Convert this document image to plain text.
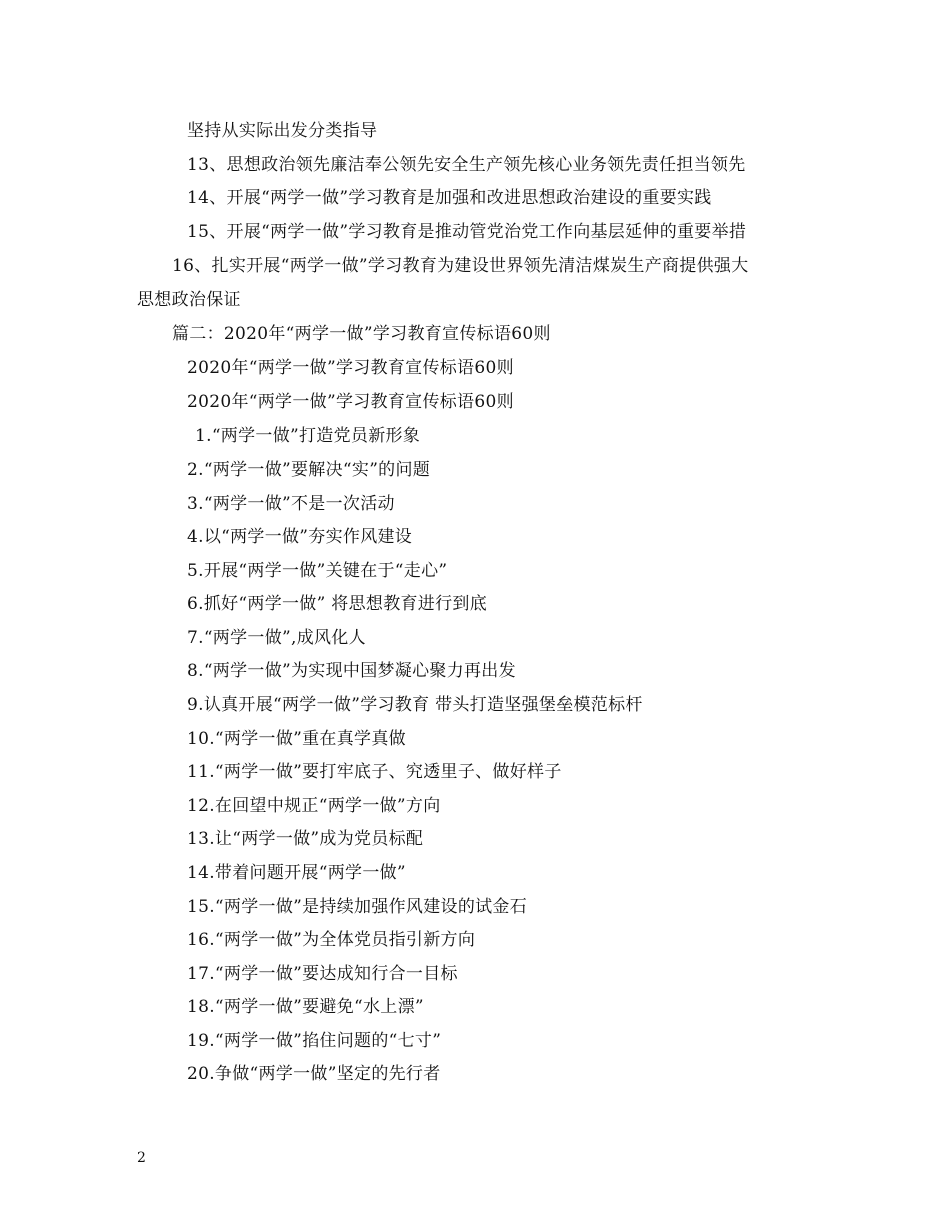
坚持从实际出发分类指导
13、思想政治领先廉洁奉公领先安全生产领先核心业务领先责任担当领先
14、开展“两学一做”学习教育是加强和改进思想政治建设的重要实践
15、开展“两学一做”学习教育是推动管党治党工作向基层延伸的重要举措
16、扎实开展“两学一做”学习教育为建设世界领先清洁煤炭生产商提供强大
思想政治保证
篇二：2020年“两学一做”学习教育宣传标语60则
2020年“两学一做”学习教育宣传标语60则
2020年“两学一做”学习教育宣传标语60则
1.“两学一做”打造党员新形象
2.“两学一做”要解决“实”的问题
3.“两学一做”不是一次活动
4.以“两学一做”夯实作风建设
5.开展“两学一做”关键在于“走心”
6.抓好“两学一做” 将思想教育进行到底
7.“两学一做”,成风化人
8.“两学一做”为实现中国梦凝心聚力再出发
9.认真开展“两学一做”学习教育 带头打造坚强堡垒模范标杆
10.“两学一做”重在真学真做
11.“两学一做”要打牢底子、究透里子、做好样子
12.在回望中规正“两学一做”方向
13.让“两学一做”成为党员标配
14.带着问题开展“两学一做”
15.“两学一做”是持续加强作风建设的试金石
16.“两学一做”为全体党员指引新方向
17.“两学一做”要达成知行合一目标
18.“两学一做”要避免“水上漂”
19.“两学一做”掐住问题的“七寸”
20.争做“两学一做”坚定的先行者
2
